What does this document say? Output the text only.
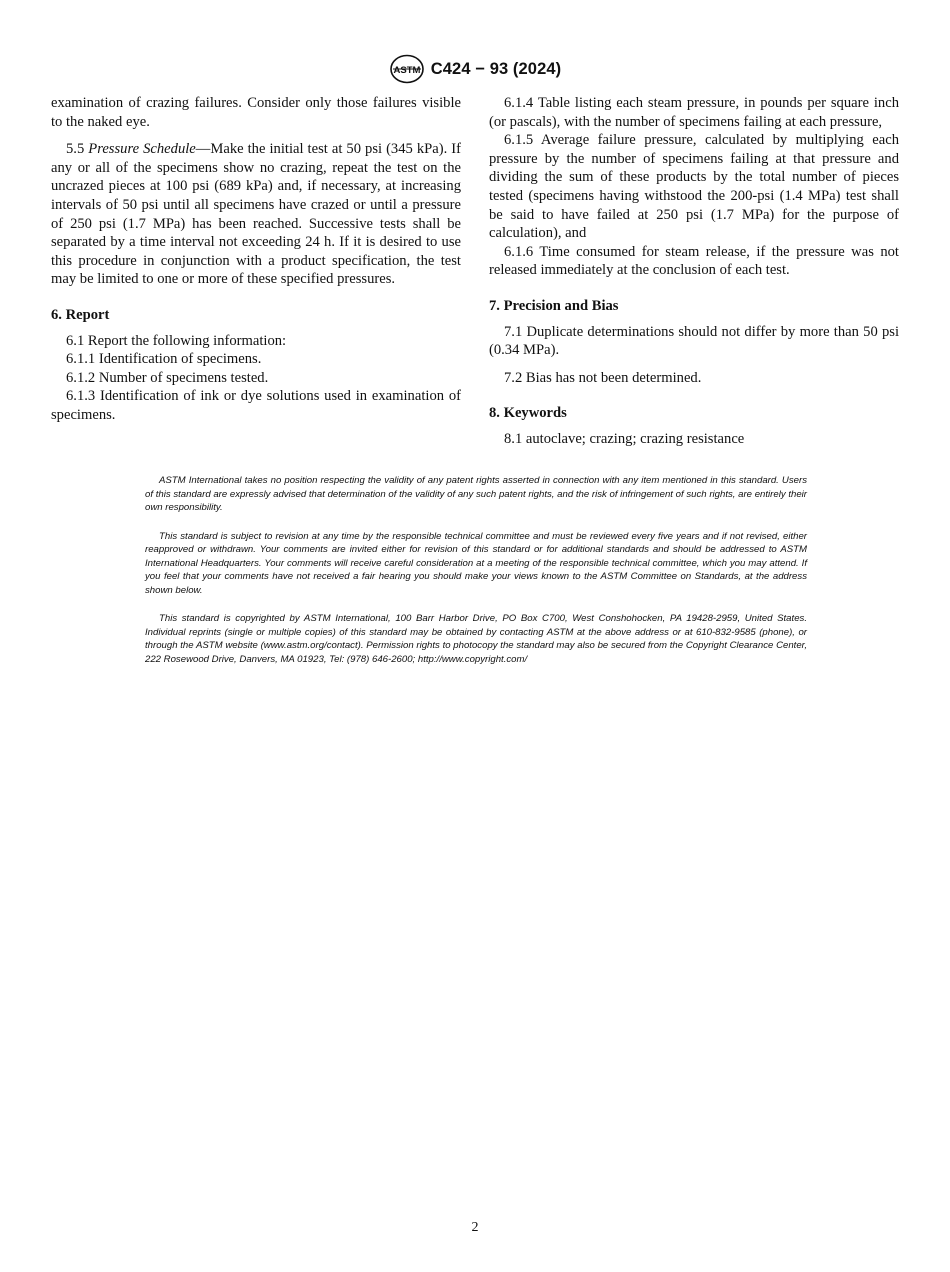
ASTM C424 − 93 (2024)

examination of crazing failures. Consider only those failures visible to the naked eye.

5.5 Pressure Schedule—Make the initial test at 50 psi (345 kPa). If any or all of the specimens show no crazing, repeat the test on the uncrazed pieces at 100 psi (689 kPa) and, if necessary, at increasing intervals of 50 psi until all specimens have crazed or until a pressure of 250 psi (1.7 MPa) has been reached. Successive tests shall be separated by a time interval not exceeding 24 h. If it is desired to use this procedure in conjunction with a product specification, the test may be limited to one or more of these specified pressures.

6. Report

6.1 Report the following information:

6.1.1 Identification of specimens.

6.1.2 Number of specimens tested.

6.1.3 Identification of ink or dye solutions used in examination of specimens.

6.1.4 Table listing each steam pressure, in pounds per square inch (or pascals), with the number of specimens failing at each pressure,

6.1.5 Average failure pressure, calculated by multiplying each pressure by the number of specimens failing at that pressure and dividing the sum of these products by the total number of pieces tested (specimens having withstood the 200-psi (1.4 MPa) test shall be said to have failed at 250 psi (1.7 MPa) for the purpose of calculation), and

6.1.6 Time consumed for steam release, if the pressure was not released immediately at the conclusion of each test.

7. Precision and Bias

7.1 Duplicate determinations should not differ by more than 50 psi (0.34 MPa).

7.2 Bias has not been determined.

8. Keywords

8.1 autoclave; crazing; crazing resistance

ASTM International takes no position respecting the validity of any patent rights asserted in connection with any item mentioned in this standard. Users of this standard are expressly advised that determination of the validity of any such patent rights, and the risk of infringement of such rights, are entirely their own responsibility.

This standard is subject to revision at any time by the responsible technical committee and must be reviewed every five years and if not revised, either reapproved or withdrawn. Your comments are invited either for revision of this standard or for additional standards and should be addressed to ASTM International Headquarters. Your comments will receive careful consideration at a meeting of the responsible technical committee, which you may attend. If you feel that your comments have not received a fair hearing you should make your views known to the ASTM Committee on Standards, at the address shown below.

This standard is copyrighted by ASTM International, 100 Barr Harbor Drive, PO Box C700, West Conshohocken, PA 19428-2959, United States. Individual reprints (single or multiple copies) of this standard may be obtained by contacting ASTM at the above address or at 610-832-9585 (phone), or through the ASTM website (www.astm.org/contact). Permission rights to photocopy the standard may also be secured from the Copyright Clearance Center, 222 Rosewood Drive, Danvers, MA 01923, Tel: (978) 646-2600; http://www.copyright.com/

2
